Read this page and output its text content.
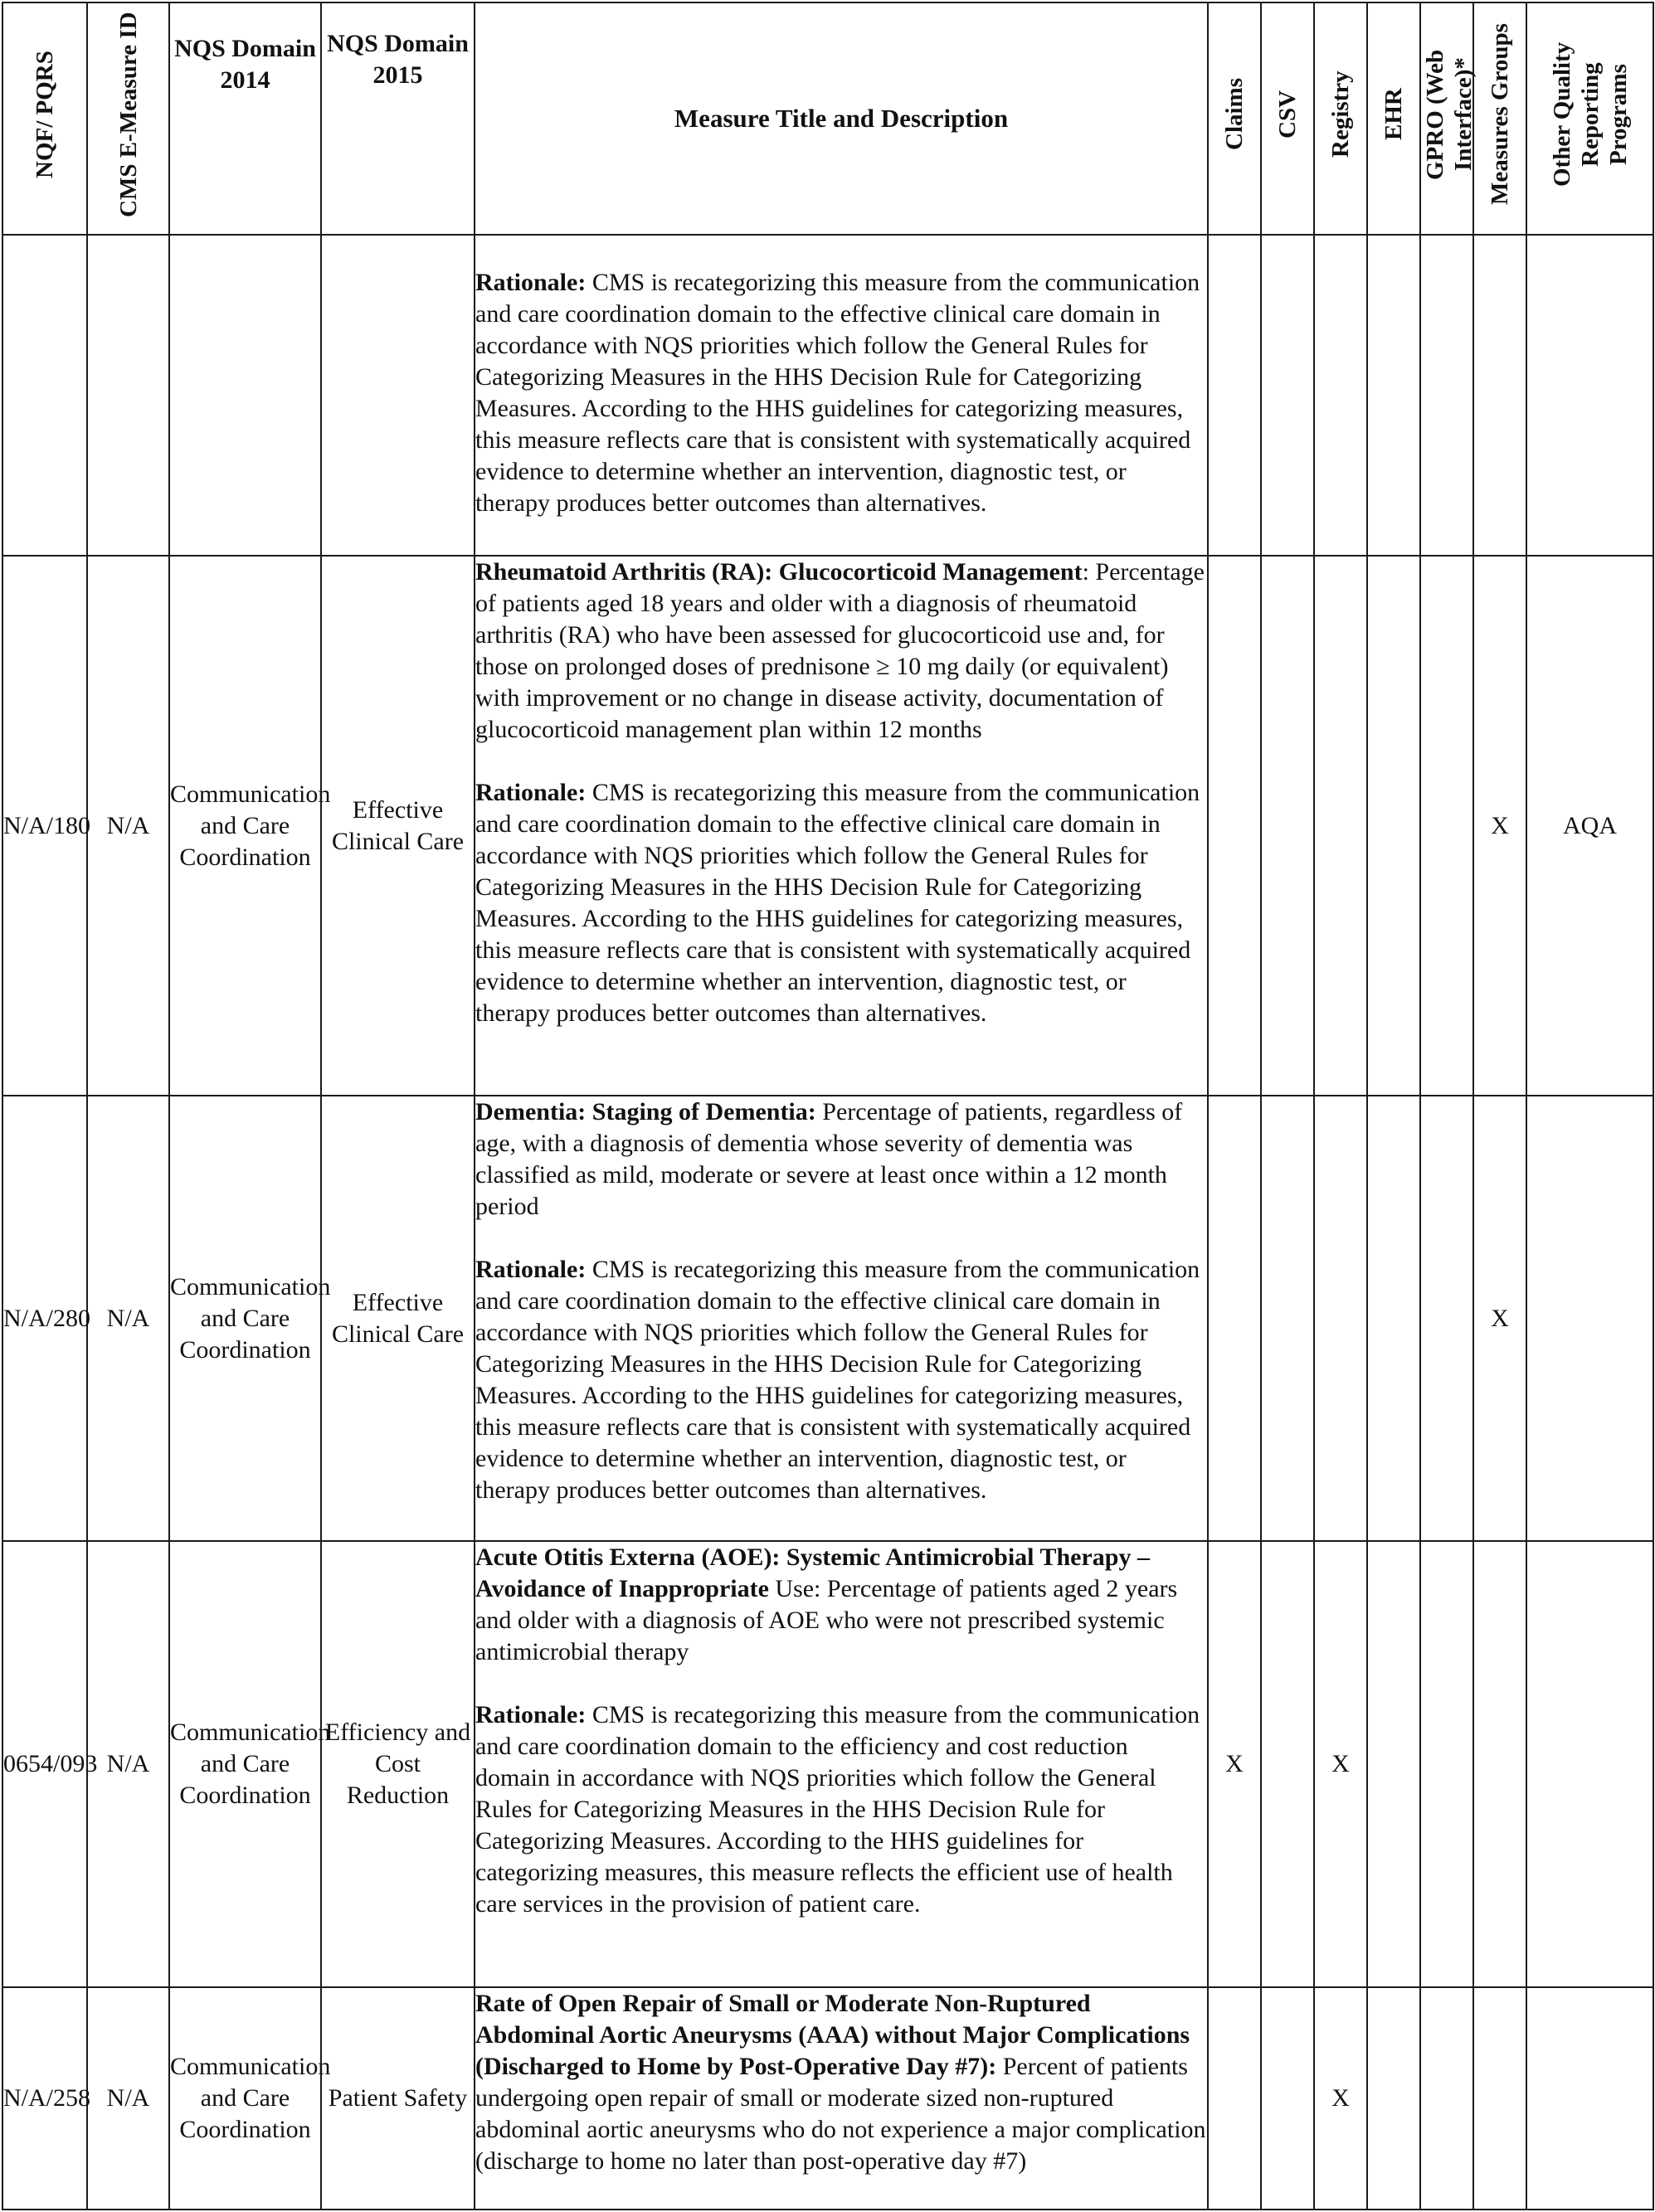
NQF/ PQRS	CMS E-Measure ID	NQS Domain 2014	NQS Domain 2015	Measure Title and Description	Claims	CSV	Registry	EHR	GPRO (Web Interface)*	Measures Groups	Other Quality Reporting Programs

				Rationale: CMS is recategorizing this measure from the communication and care coordination domain to the effective clinical care domain in accordance with NQS priorities which follow the General Rules for Categorizing Measures in the HHS Decision Rule for Categorizing Measures. According to the HHS guidelines for categorizing measures, this measure reflects care that is consistent with systematically acquired evidence to determine whether an intervention, diagnostic test, or therapy produces better outcomes than alternatives.							

N/A/180	N/A	Communication and Care Coordination	Effective Clinical Care	Rheumatoid Arthritis (RA): Glucocorticoid Management: Percentage of patients aged 18 years and older with a diagnosis of rheumatoid arthritis (RA) who have been assessed for glucocorticoid use and, for those on prolonged doses of prednisone ≥ 10 mg daily (or equivalent) with improvement or no change in disease activity, documentation of glucocorticoid management plan within 12 months
Rationale: CMS is recategorizing this measure from the communication and care coordination domain to the effective clinical care domain in accordance with NQS priorities which follow the General Rules for Categorizing Measures in the HHS Decision Rule for Categorizing Measures. According to the HHS guidelines for categorizing measures, this measure reflects care that is consistent with systematically acquired evidence to determine whether an intervention, diagnostic test, or therapy produces better outcomes than alternatives.						X	AQA
N/A/280	N/A	Communication and Care Coordination	Effective Clinical Care	Dementia: Staging of Dementia: Percentage of patients, regardless of age, with a diagnosis of dementia whose severity of dementia was classified as mild, moderate or severe at least once within a 12 month period
Rationale: CMS is recategorizing this measure from the communication and care coordination domain to the effective clinical care domain in accordance with NQS priorities which follow the General Rules for Categorizing Measures in the HHS Decision Rule for Categorizing Measures. According to the HHS guidelines for categorizing measures, this measure reflects care that is consistent with systematically acquired evidence to determine whether an intervention, diagnostic test, or therapy produces better outcomes than alternatives.						X	
0654/093	N/A	Communication and Care Coordination	Efficiency and Cost Reduction	Acute Otitis Externa (AOE): Systemic Antimicrobial Therapy – Avoidance of Inappropriate Use: Percentage of patients aged 2 years and older with a diagnosis of AOE who were not prescribed systemic antimicrobial therapy
Rationale: CMS is recategorizing this measure from the communication and care coordination domain to the efficiency and cost reduction domain in accordance with NQS priorities which follow the General Rules for Categorizing Measures in the HHS Decision Rule for Categorizing Measures. According to the HHS guidelines for categorizing measures, this measure reflects the efficient use of health care services in the provision of patient care.	X		X				
N/A/258	N/A	Communication and Care Coordination	Patient Safety	Rate of Open Repair of Small or Moderate Non-Ruptured Abdominal Aortic Aneurysms (AAA) without Major Complications (Discharged to Home by Post-Operative Day #7): Percent of patients undergoing open repair of small or moderate sized non-ruptured abdominal aortic aneurysms who do not experience a major complication (discharge to home no later than post-operative day #7)			X				
